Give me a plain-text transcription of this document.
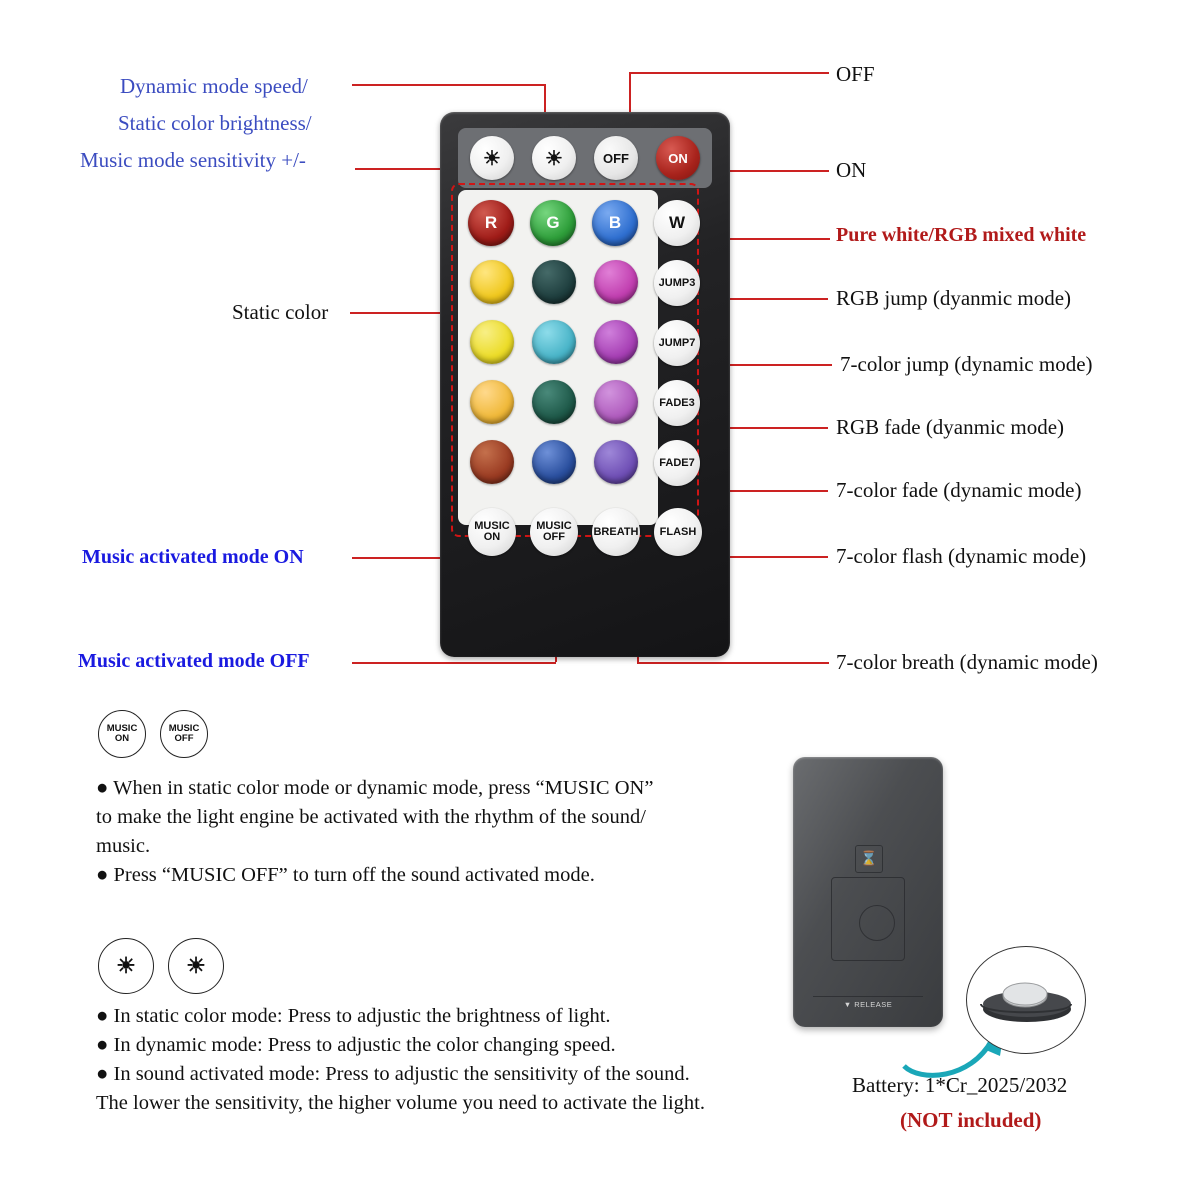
Dynamic mode speed/
Static color brightness/
Music mode sensitivity +/-
Static color
Music activated mode ON
Music activated mode OFF
OFF
ON
Pure white/RGB mixed white
RGB jump (dyanmic mode)
7-color jump (dynamic mode)
RGB fade (dyanmic mode)
7-color fade (dynamic mode)
7-color flash (dynamic mode)
7-color breath (dynamic mode)
☀ ☀	OFF	ON
R	G	B	W
JUMP3
JUMP7
FADE3
FADE7
MUSIC
ON
MUSIC
OFF	BREATH FLASH
MUSIC
ON
MUSIC
OFF
● When in static color mode or dynamic mode, press “MUSIC ON”
to make the light engine be activated with the rhythm of the sound/
music.
● Press “MUSIC OFF” to turn off the sound activated mode.
☀ ☀
● In static color mode: Press to adjustic the brightness of light.
● In dynamic mode: Press to adjustic the color changing speed.
● In sound activated mode: Press to adjustic the sensitivity of the sound.
The lower the sensitivity, the higher volume you need to activate the light.
⌛
▼ RELEASE
Battery: 1*Cr_2025/2032
(NOT included)
